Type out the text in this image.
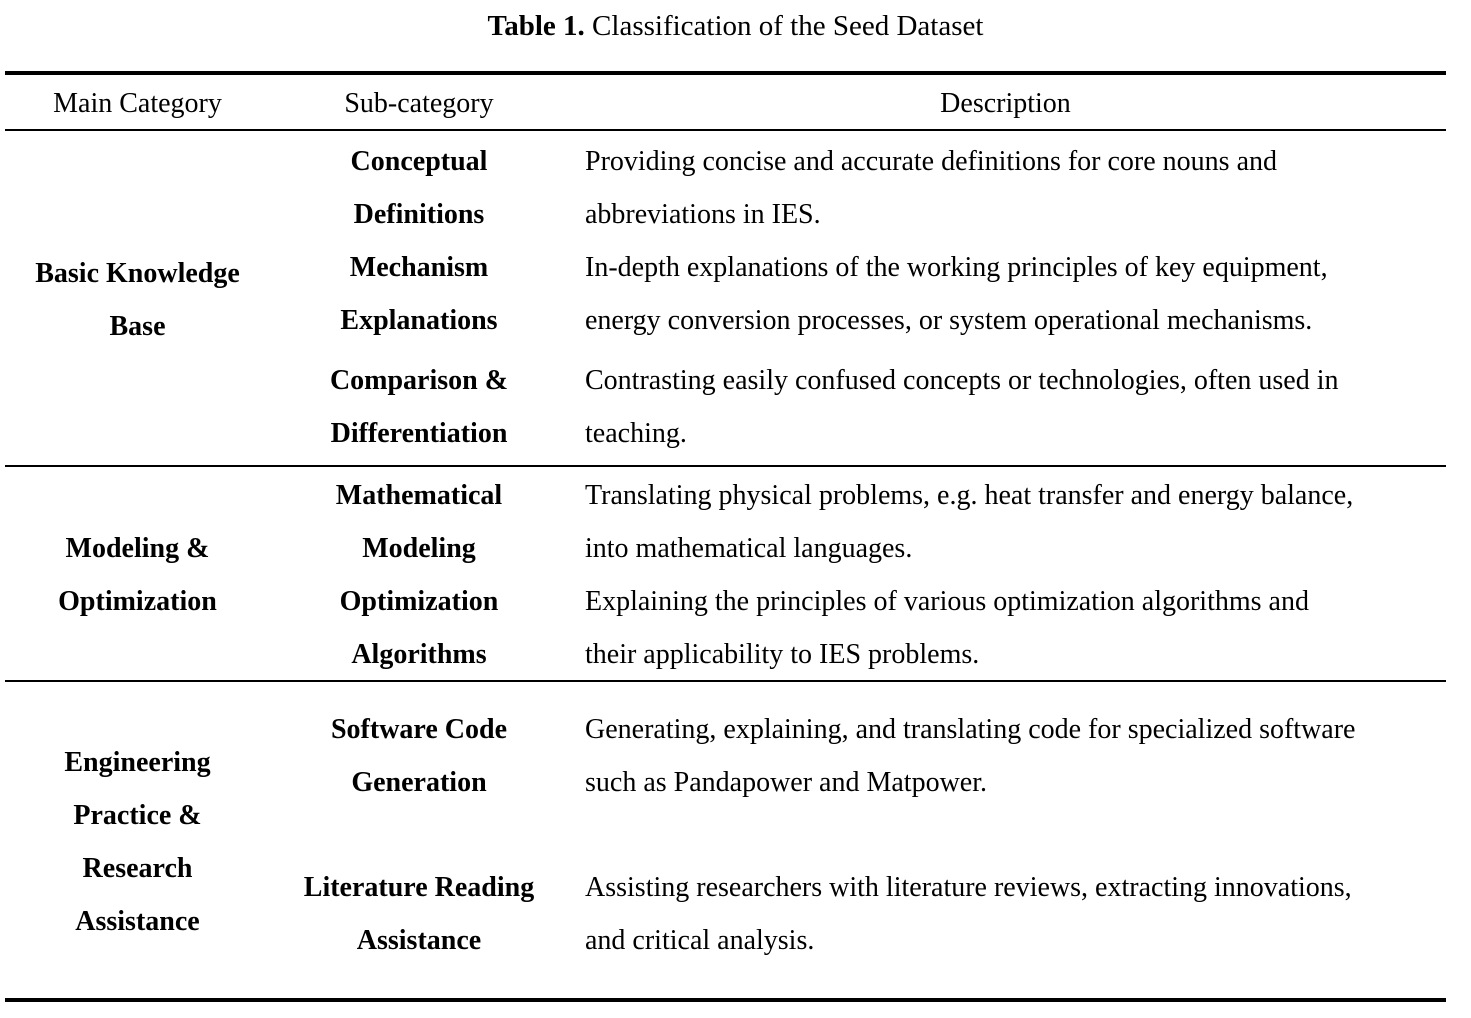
Table 1. Classification of the Seed Dataset
Main Category	Sub-category	Description
Basic Knowledge
Base
Conceptual
Definitions
Providing concise and accurate definitions for core nouns and
abbreviations in IES.
Mechanism
Explanations
In-depth explanations of the working principles of key equipment,
energy conversion processes, or system operational mechanisms.
Comparison &
Differentiation
Contrasting easily confused concepts or technologies, often used in
teaching.
Modeling &
Optimization
Mathematical
Modeling
Translating physical problems, e.g. heat transfer and energy balance,
into mathematical languages.
Optimization
Algorithms
Explaining the principles of various optimization algorithms and
their applicability to IES problems.
Engineering
Practice &
Research
Assistance
Software Code
Generation
Generating, explaining, and translating code for specialized software
such as Pandapower and Matpower.
Literature Reading
Assistance
Assisting researchers with literature reviews, extracting innovations,
and critical analysis.
